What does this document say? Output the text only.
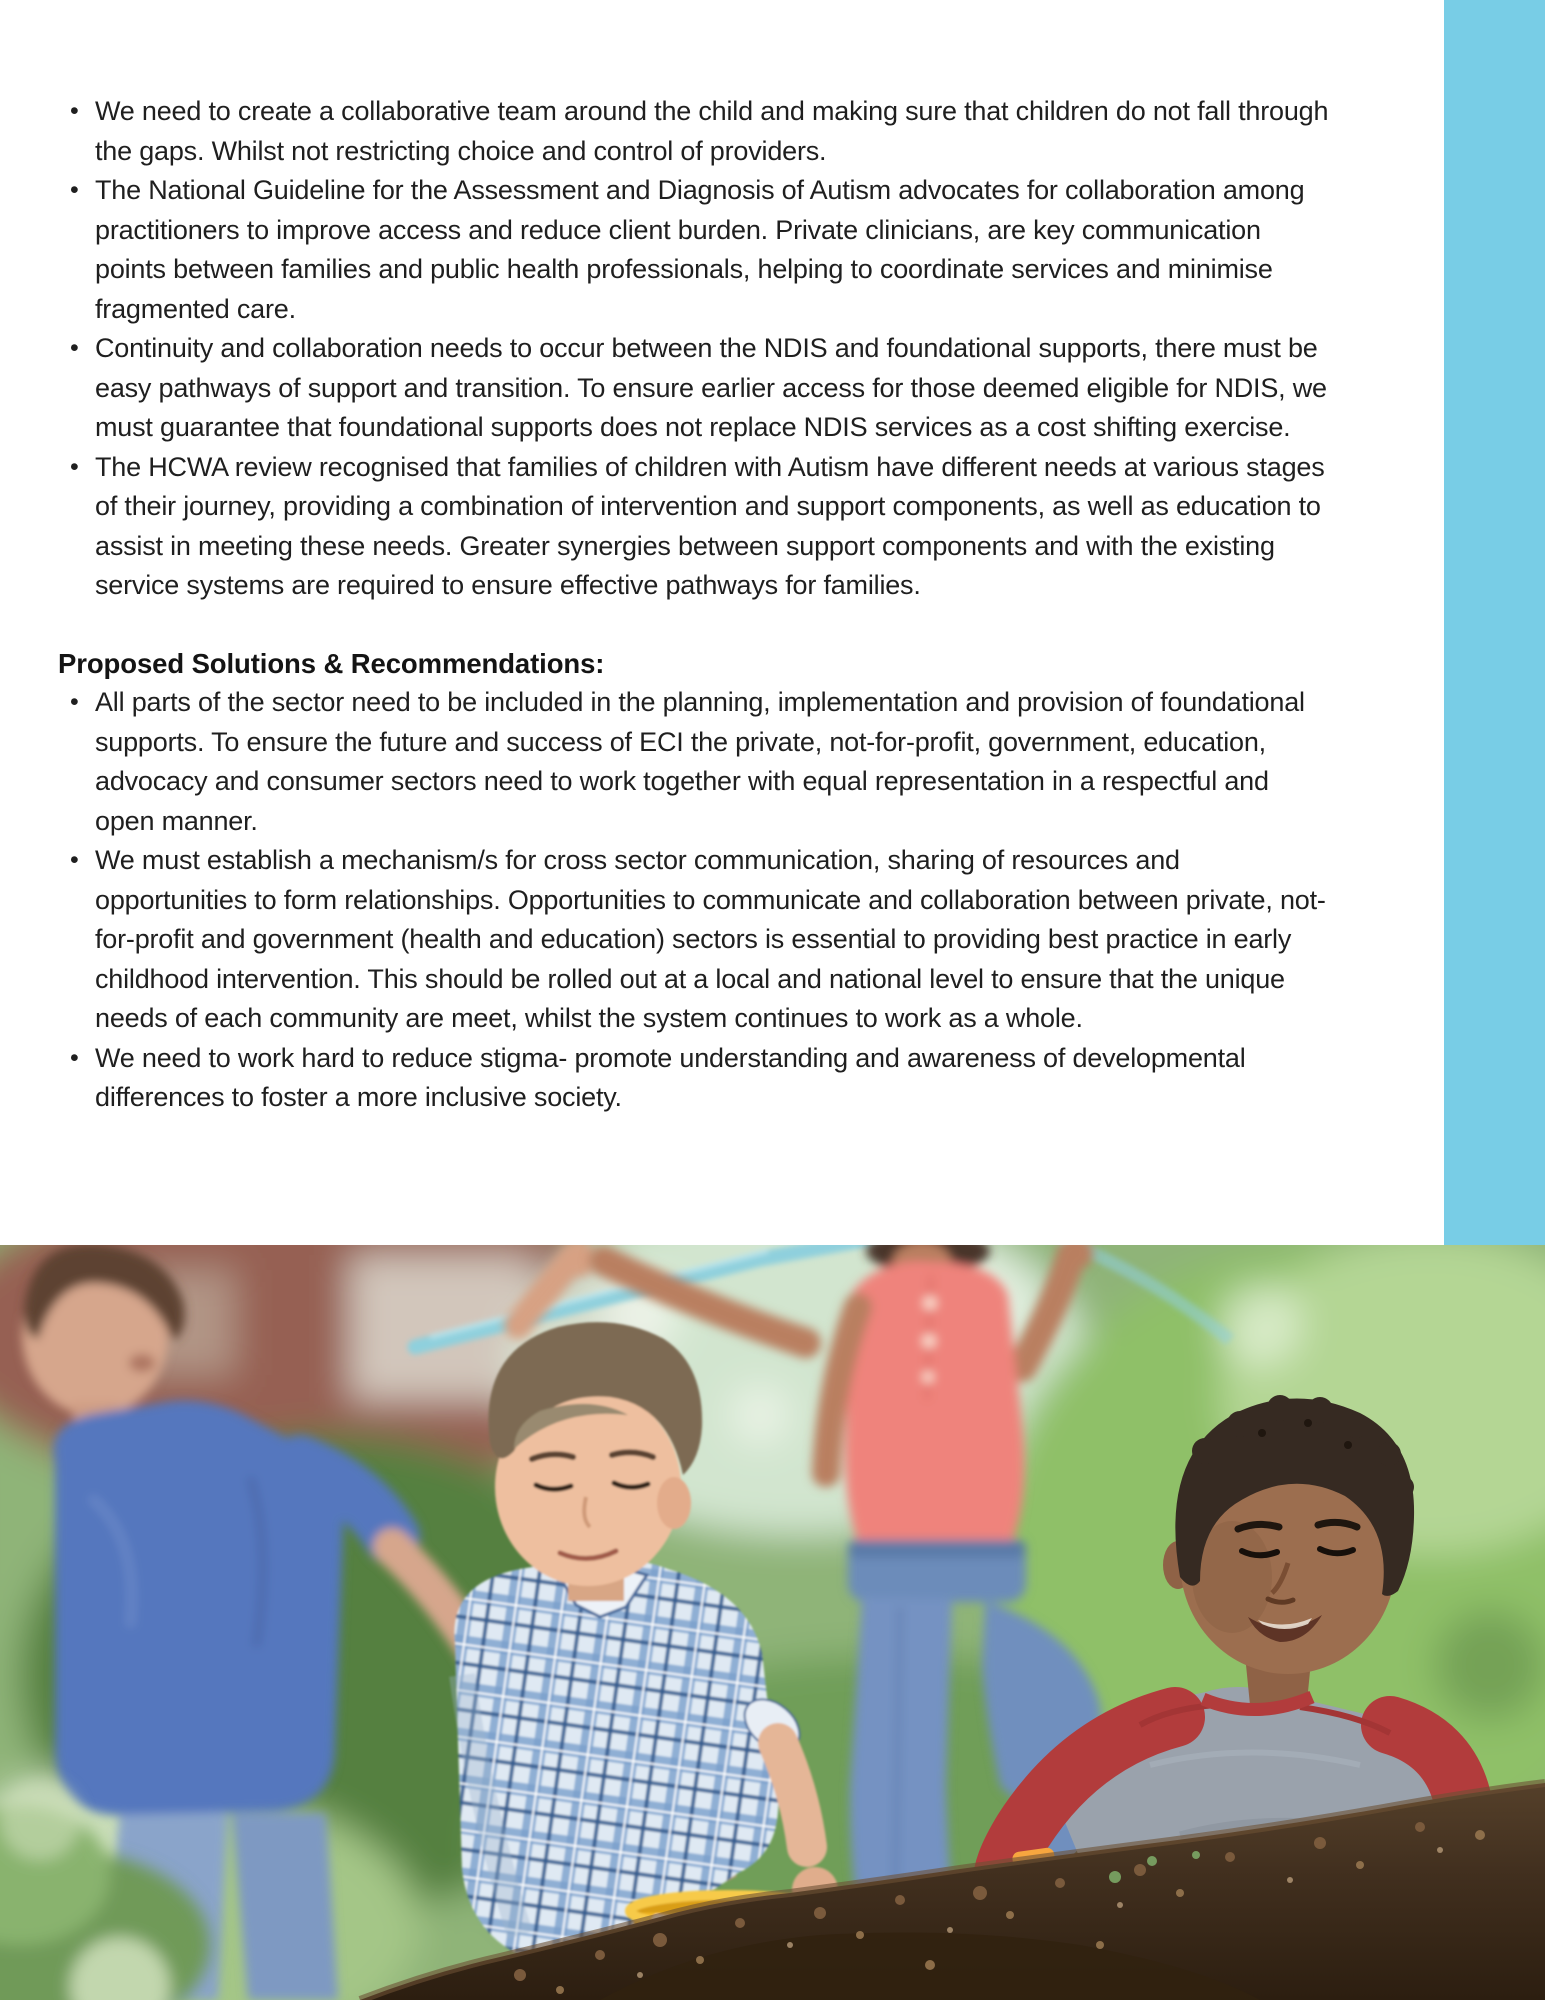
• We need to create a collaborative team around the child and making sure that children do not fall through the gaps. Whilst not restricting choice and control of providers.
• The National Guideline for the Assessment and Diagnosis of Autism advocates for collaboration among practitioners to improve access and reduce client burden. Private clinicians, are key communication points between families and public health professionals, helping to coordinate services and minimise fragmented care.
• Continuity and collaboration needs to occur between the NDIS and foundational supports, there must be easy pathways of support and transition. To ensure earlier access for those deemed eligible for NDIS, we must guarantee that foundational supports does not replace NDIS services as a cost shifting exercise.
• The HCWA review recognised that families of children with Autism have different needs at various stages of their journey, providing a combination of intervention and support components, as well as education to assist in meeting these needs. Greater synergies between support components and with the existing service systems are required to ensure effective pathways for families.
Proposed Solutions & Recommendations:
• All parts of the sector need to be included in the planning, implementation and provision of foundational supports. To ensure the future and success of ECI the private, not-for-profit, government, education, advocacy and consumer sectors need to work together with equal representation in a respectful and open manner.
• We must establish a mechanism/s for cross sector communication, sharing of resources and opportunities to form relationships. Opportunities to communicate and collaboration between private, not-for-profit and government (health and education) sectors is essential to providing best practice in early childhood intervention. This should be rolled out at a local and national level to ensure that the unique needs of each community are meet, whilst the system continues to work as a whole.
• We need to work hard to reduce stigma- promote understanding and awareness of developmental differences to foster a more inclusive society.
